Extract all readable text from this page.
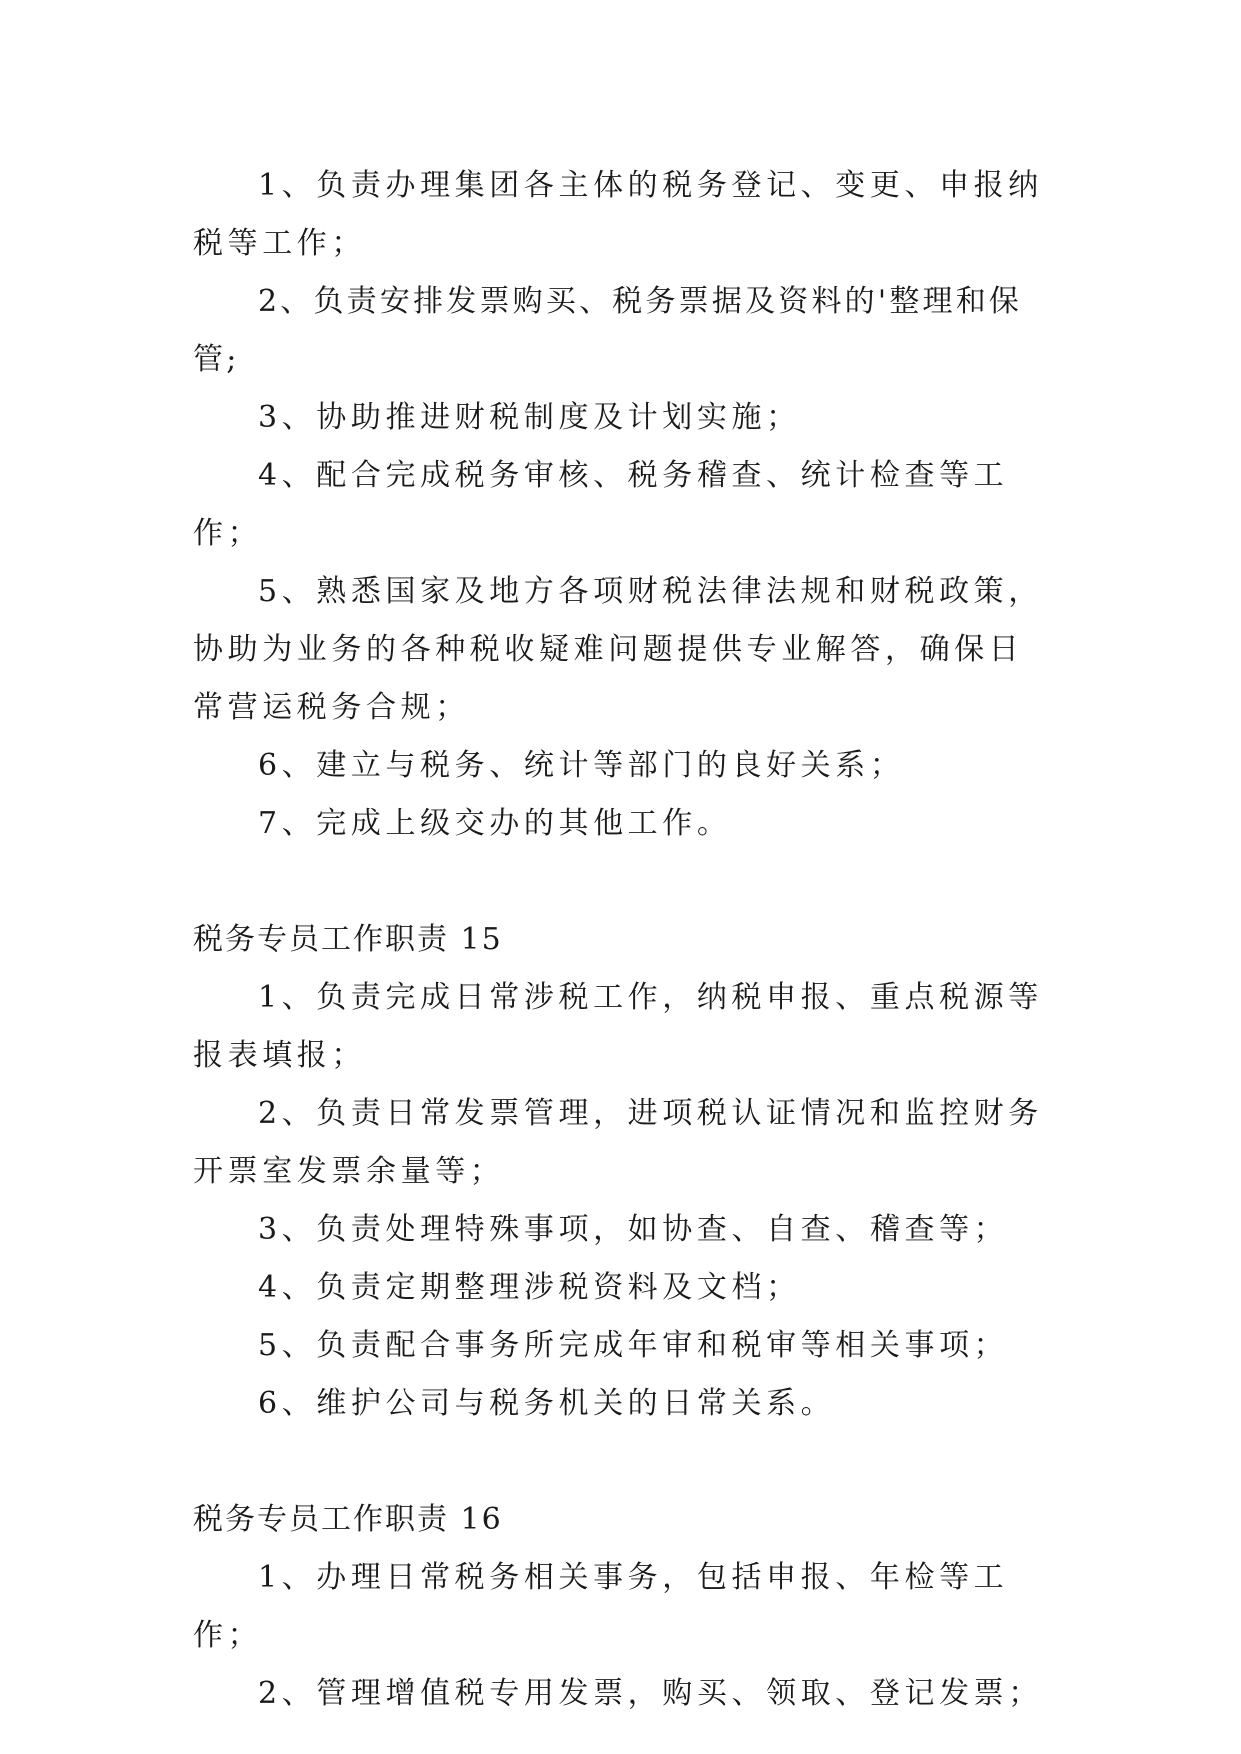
1、负责办理集团各主体的税务登记、变更、申报纳税等工作；

2、负责安排发票购买、税务票据及资料的'整理和保管;

3、协助推进财税制度及计划实施；

4、配合完成税务审核、税务稽查、统计检查等工作；

5、熟悉国家及地方各项财税法律法规和财税政策，协助为业务的各种税收疑难问题提供专业解答，确保日常营运税务合规；

6、建立与税务、统计等部门的良好关系；

7、完成上级交办的其他工作。

税务专员工作职责 15

1、负责完成日常涉税工作，纳税申报、重点税源等报表填报；

2、负责日常发票管理，进项税认证情况和监控财务开票室发票余量等；

3、负责处理特殊事项，如协查、自查、稽查等；

4、负责定期整理涉税资料及文档；

5、负责配合事务所完成年审和税审等相关事项；

6、维护公司与税务机关的日常关系。

税务专员工作职责 16

1、办理日常税务相关事务，包括申报、年检等工作；

2、管理增值税专用发票，购买、领取、登记发票；
